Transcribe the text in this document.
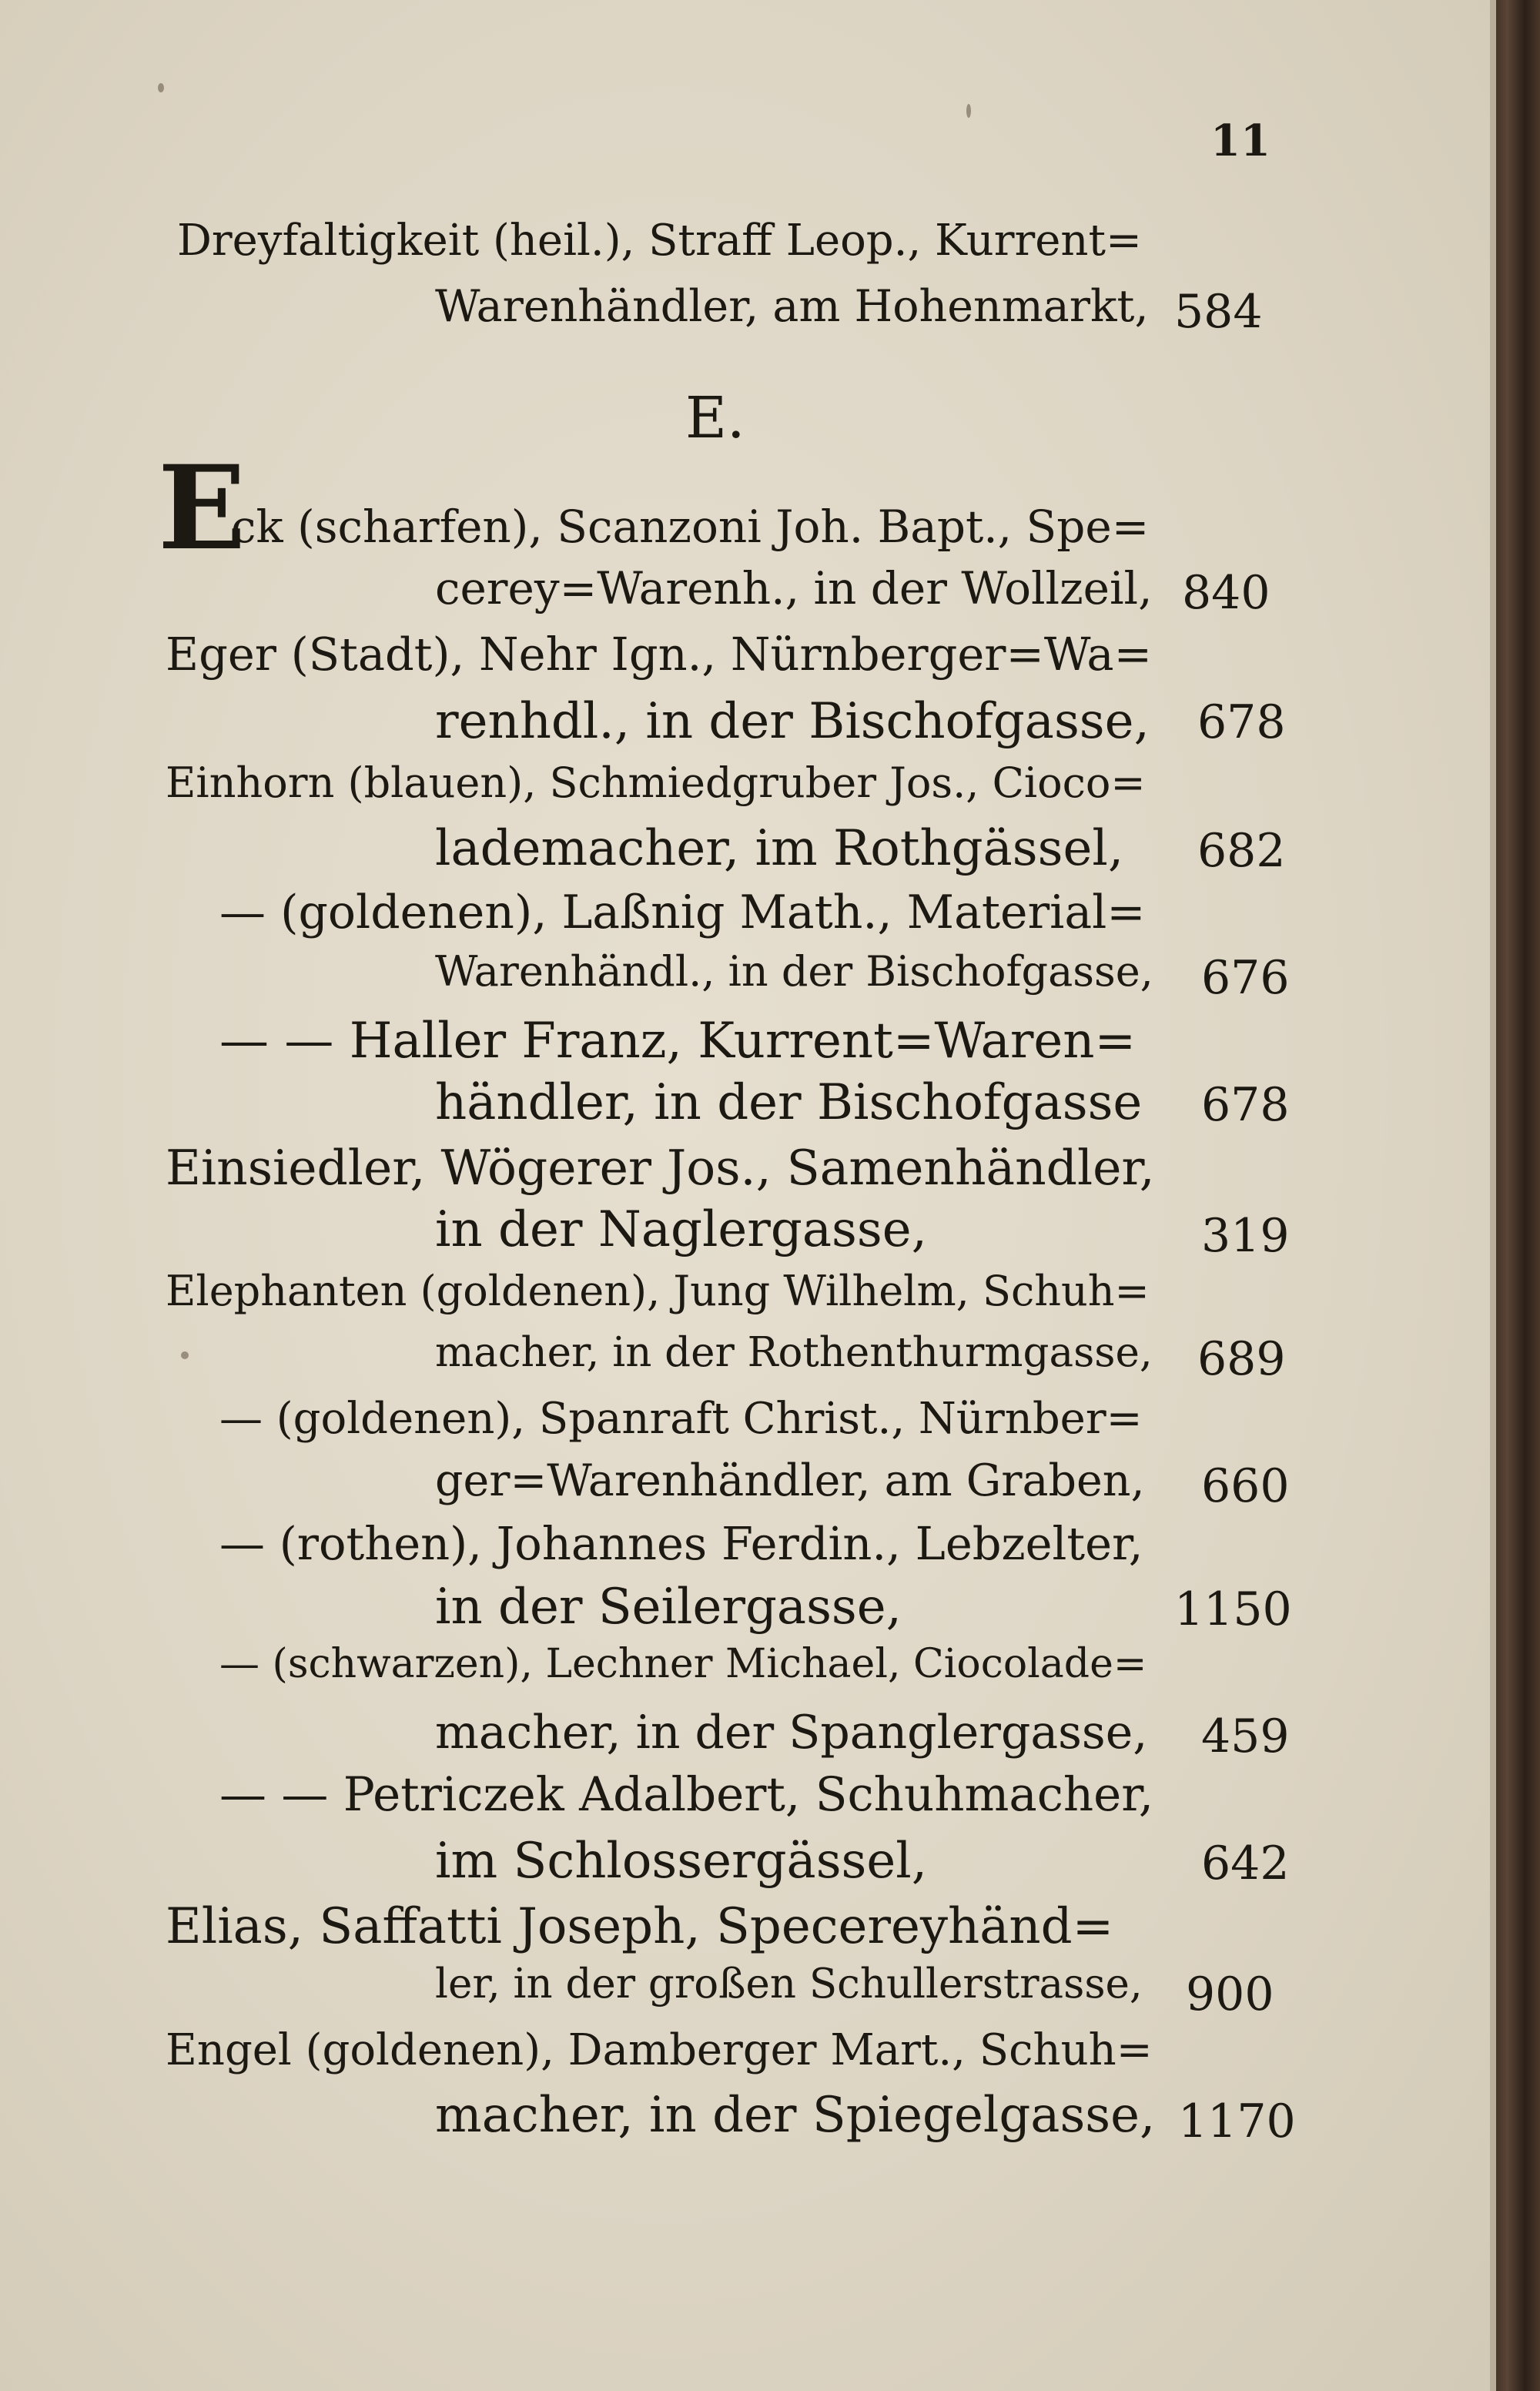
11
Dreyfaltigkeit (heil.), Straff Leop., Kurrent=
Warenhändler, am Hohenmarkt, 584
E.
E
ck (scharfen), Scanzoni Joh. Bapt., Spe=
cerey=Warenh., in der Wollzeil, 840
Eger (Stadt), Nehr Ign., Nürnberger=Wa=
renhdl., in der Bischofgasse, 678
Einhorn (blauen), Schmiedgruber Jos., Cioco=
lademacher, im Rothgässel, 682
— (goldenen), Laßnig Math., Material=
Warenhändl., in der Bischofgasse, 676
— — Haller Franz, Kurrent=Waren=
händler, in der Bischofgasse 678
Einsiedler, Wögerer Jos., Samenhändler,
in der Naglergasse,	319
Elephanten (goldenen), Jung Wilhelm, Schuh=
macher, in der Rothenthurmgasse, 689
— (goldenen), Spanraft Christ., Nürnber=
ger=Warenhändler, am Graben, 660
— (rothen), Johannes Ferdin., Lebzelter,
in der Seilergasse,	1150
— (schwarzen), Lechner Michael, Ciocolade=
macher, in der Spanglergasse, 459
— — Petriczek Adalbert, Schuhmacher,
im Schlossergässel,	642
Elias, Saffatti Joseph, Specereyhänd=
ler, in der großen Schullerstrasse, 900
Engel (goldenen), Damberger Mart., Schuh=
macher, in der Spiegelgasse, 1170
